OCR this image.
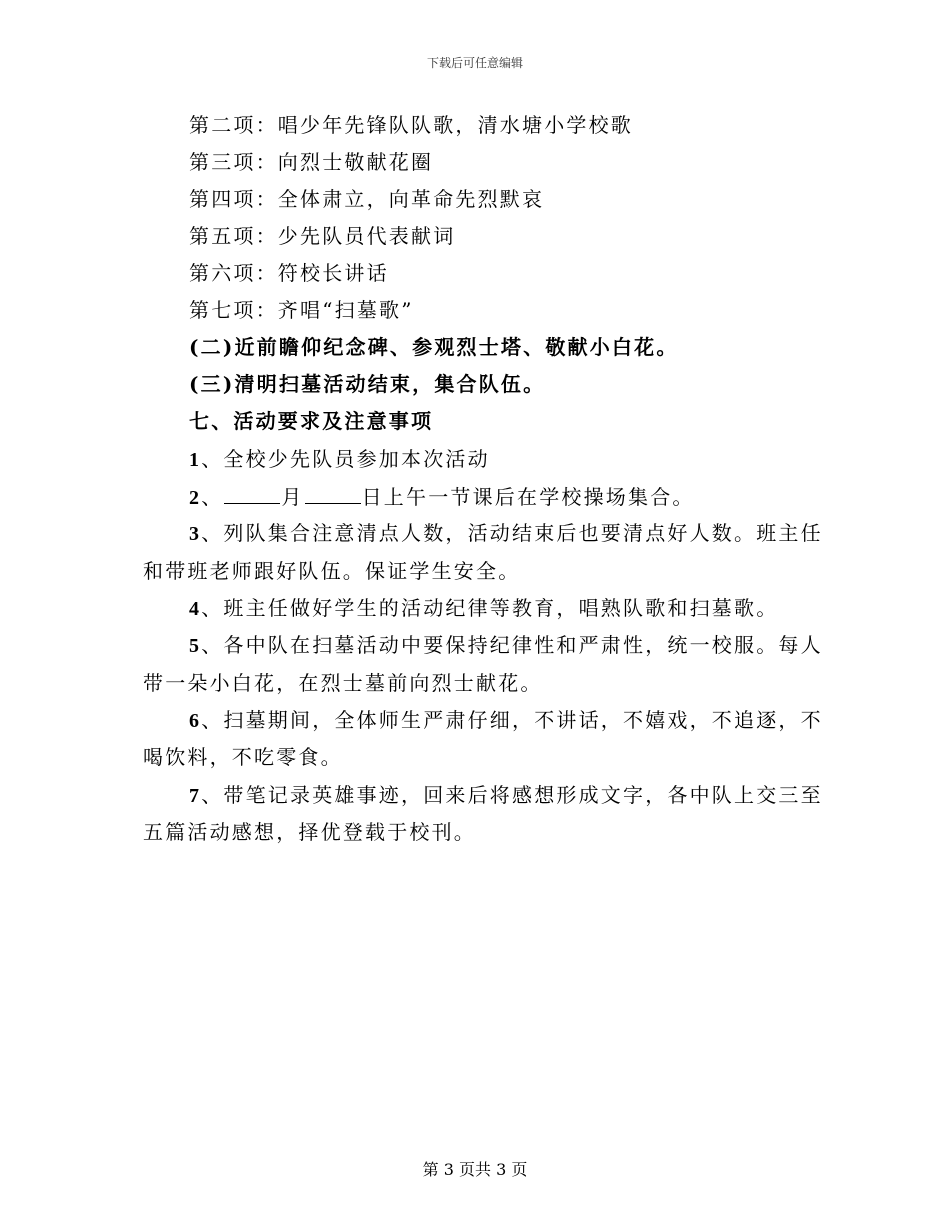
下载后可任意编辑
第二项：唱少年先锋队队歌，清水塘小学校歌
第三项：向烈士敬献花圈
第四项：全体肃立，向革命先烈默哀
第五项：少先队员代表献词
第六项：符校长讲话
第七项：齐唱“扫墓歌”
(二)近前瞻仰纪念碑、参观烈士塔、敬献小白花。
(三)清明扫墓活动结束，集合队伍。
七、活动要求及注意事项
1、全校少先队员参加本次活动
2、	月	日上午一节课后在学校操场集合。
3、列队集合注意清点人数，活动结束后也要清点好人数。班主任
和带班老师跟好队伍。保证学生安全。
4、班主任做好学生的活动纪律等教育，唱熟队歌和扫墓歌。
5、各中队在扫墓活动中要保持纪律性和严肃性，统一校服。每人
带一朵小白花，在烈士墓前向烈士献花。
6、扫墓期间，全体师生严肃仔细，不讲话，不嬉戏，不追逐，不
喝饮料，不吃零食。
7、带笔记录英雄事迹，回来后将感想形成文字，各中队上交三至
五篇活动感想，择优登载于校刊。
第 3 页共 3 页
